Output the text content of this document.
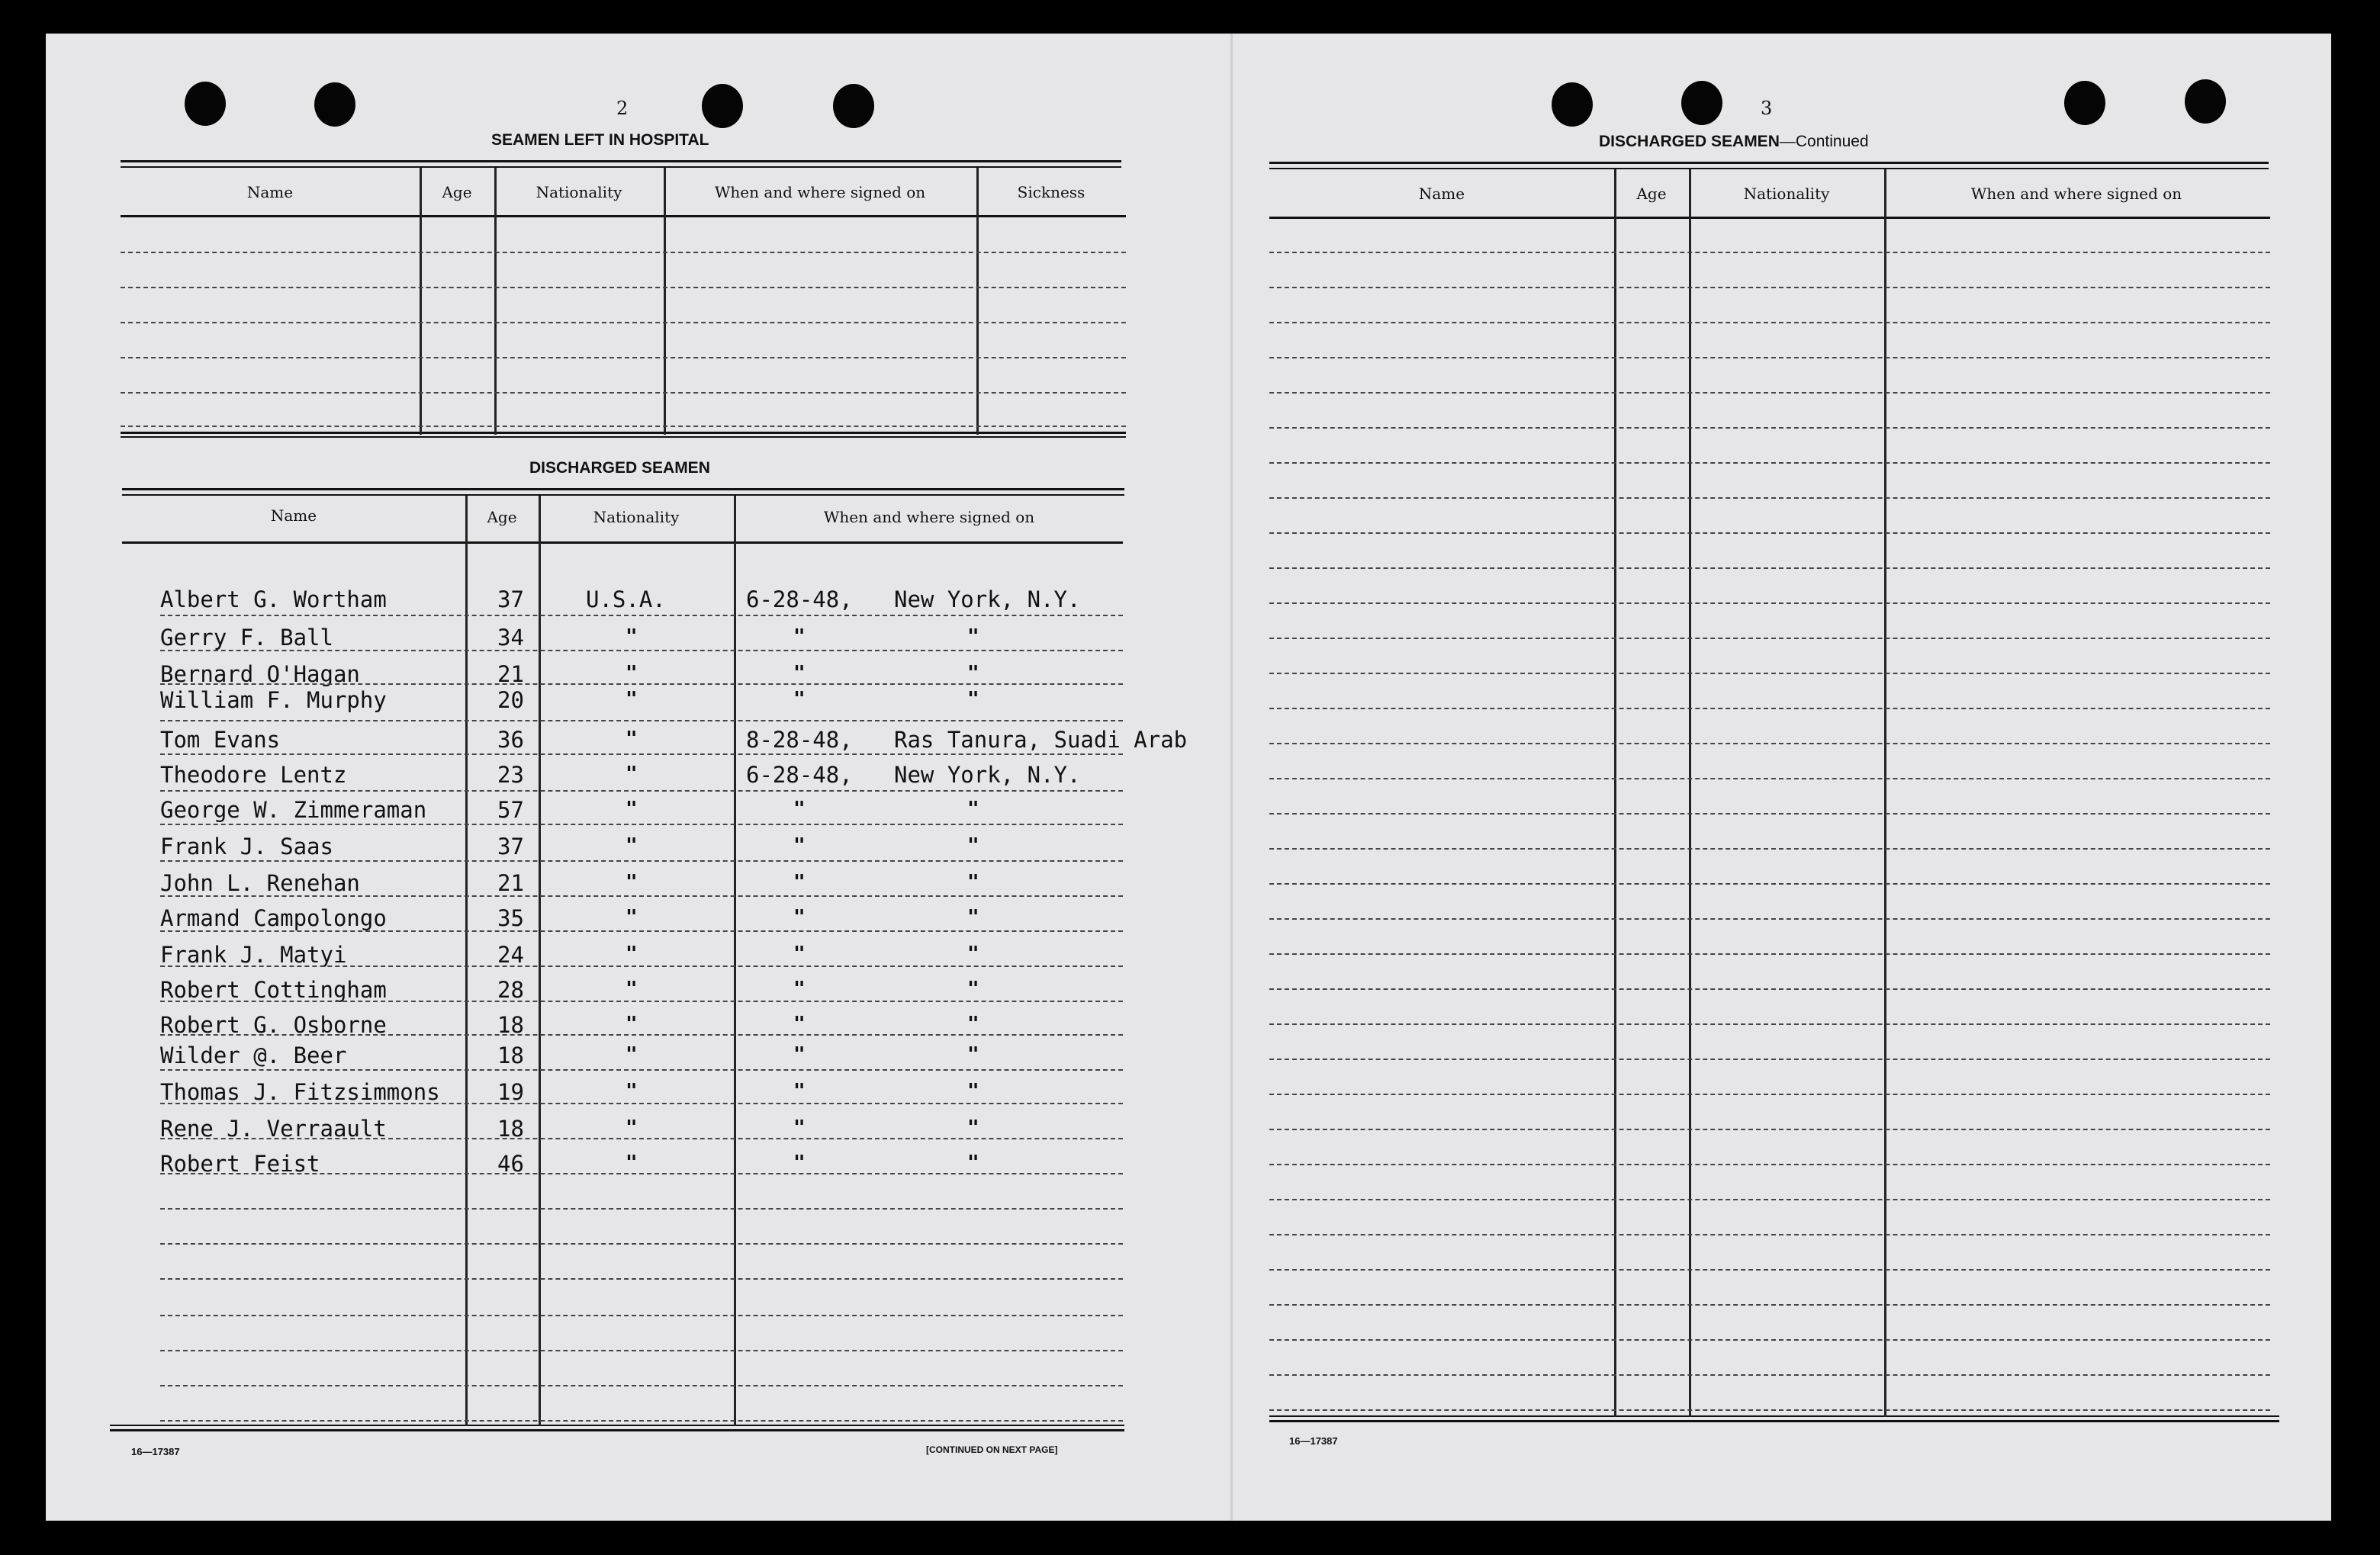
2
SEAMEN LEFT IN HOSPITAL
Name	Age	Nationality	When and where signed on	Sickness
DISCHARGED SEAMEN
Name	Age	Nationality	When and where signed on
Albert G. Wortham	37	U.S.A.	6-28-48, New York, N.Y.
Gerry F. Ball	34	"	"	"
Bernard O'Hagan	21	"	"	"
William F. Murphy	20	"	"	"
Tom Evans	36	"	8-28-48, Ras Tanura, Suadi Arab
Theodore Lentz	23	"	6-28-48, New York, N.Y.
George W. Zimmeraman	57	"	"	"
Frank J. Saas	37	"	"	"
John L. Renehan	21	"	"	"
Armand Campolongo	35	"	"	"
Frank J. Matyi	24	"	"	"
Robert Cottingham	28	"	"	"
Robert G. Osborne	18	"	"	"
Wilder @. Beer	18	"	"	"
Thomas J. Fitzsimmons	19	"	"	"
Rene J. Verraault	18	"	"	"
Robert Feist	46	"	"	"
16—17387	[CONTINUED ON NEXT PAGE]
3
DISCHARGED SEAMEN—Continued
Name	Age	Nationality	When and where signed on
16—17387
